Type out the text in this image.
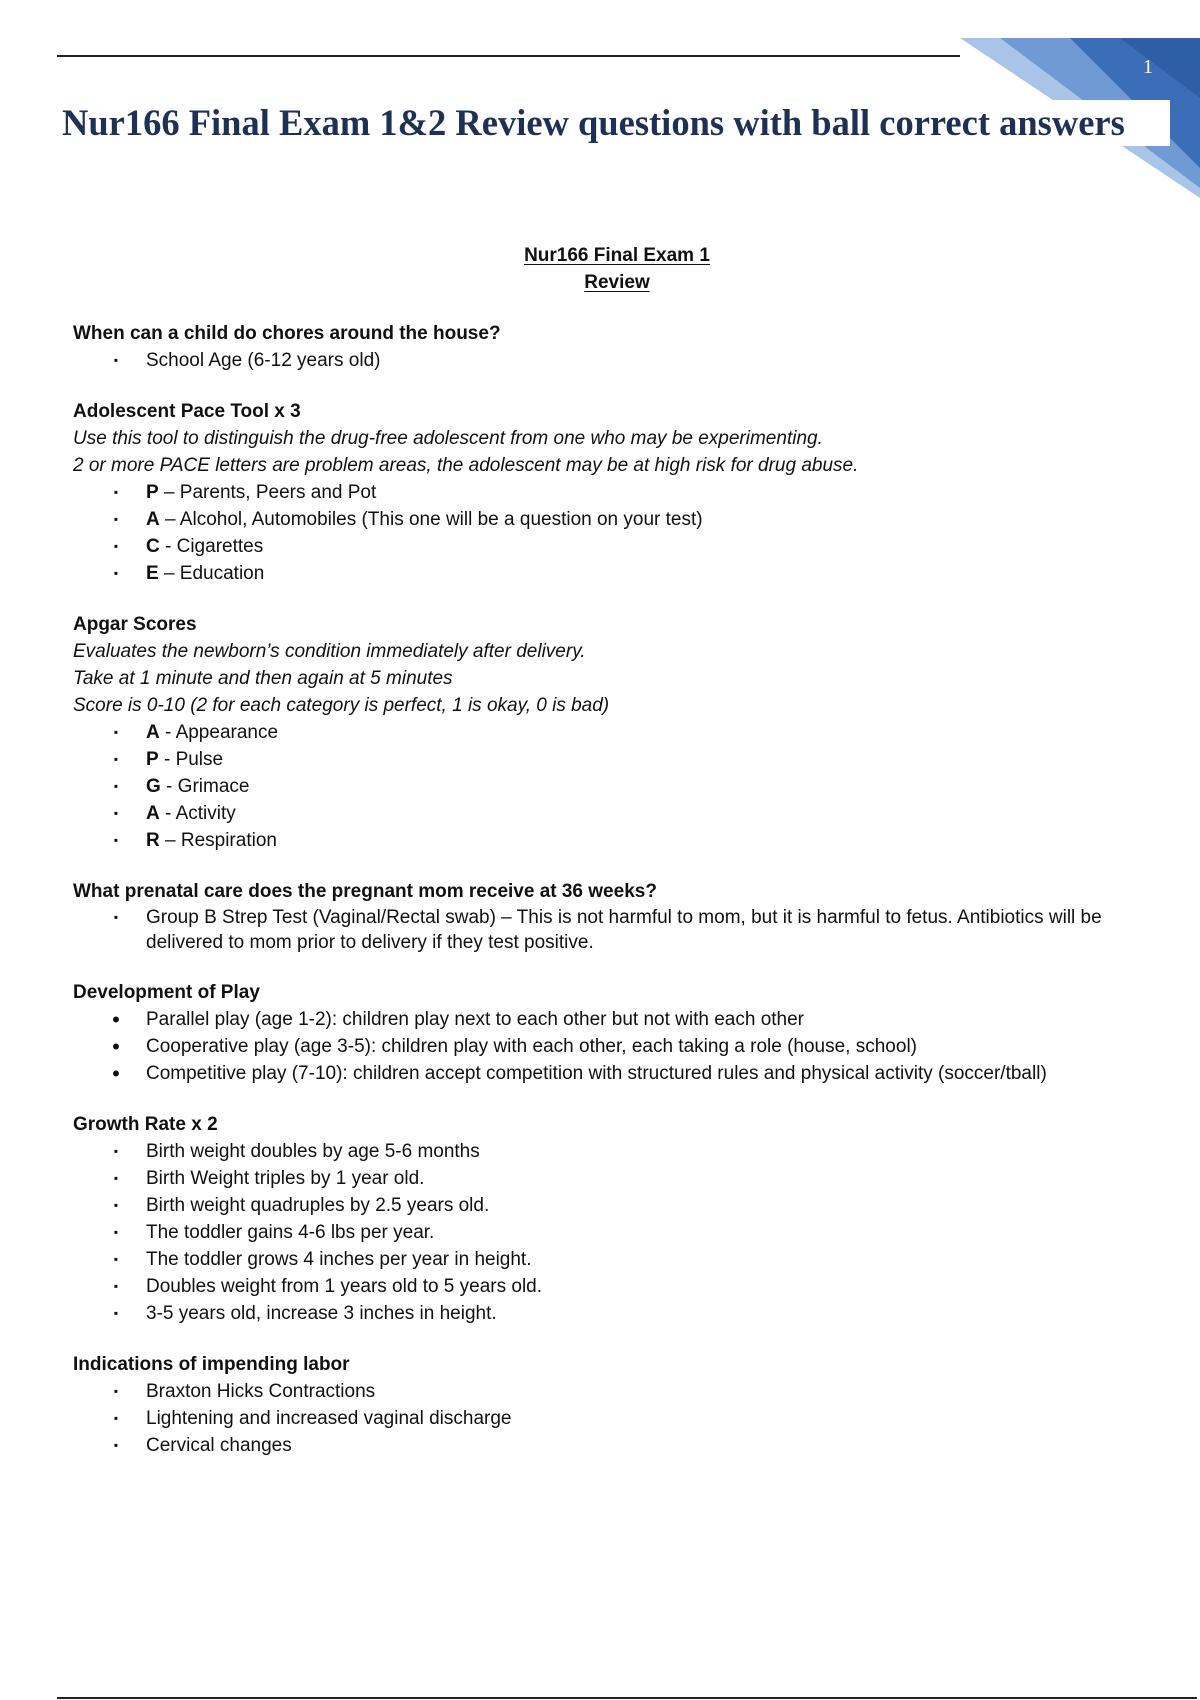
1
Nur166 Final Exam 1&2 Review questions with ball correct answers
Nur166 Final Exam 1
Review
When can a child do chores around the house?
▪ School Age (6-12 years old)
Adolescent Pace Tool x 3
Use this tool to distinguish the drug-free adolescent from one who may be experimenting.
2 or more PACE letters are problem areas, the adolescent may be at high risk for drug abuse.
▪ P – Parents, Peers and Pot
▪ A – Alcohol, Automobiles (This one will be a question on your test)
▪ C - Cigarettes
▪ E – Education
Apgar Scores
Evaluates the newborn’s condition immediately after delivery.
Take at 1 minute and then again at 5 minutes
Score is 0-10 (2 for each category is perfect, 1 is okay, 0 is bad)
▪ A - Appearance
▪ P - Pulse
▪ G - Grimace
▪ A - Activity
▪ R – Respiration
What prenatal care does the pregnant mom receive at 36 weeks?
▪ Group B Strep Test (Vaginal/Rectal swab) – This is not harmful to mom, but it is harmful to fetus. Antibiotics will be delivered to mom prior to delivery if they test positive.
Development of Play
• Parallel play (age 1-2): children play next to each other but not with each other
• Cooperative play (age 3-5): children play with each other, each taking a role (house, school)
• Competitive play (7-10): children accept competition with structured rules and physical activity (soccer/tball)
Growth Rate x 2
▪ Birth weight doubles by age 5-6 months
▪ Birth Weight triples by 1 year old.
▪ Birth weight quadruples by 2.5 years old.
▪ The toddler gains 4-6 lbs per year.
▪ The toddler grows 4 inches per year in height.
▪ Doubles weight from 1 years old to 5 years old.
▪ 3-5 years old, increase 3 inches in height.
Indications of impending labor
▪ Braxton Hicks Contractions
▪ Lightening and increased vaginal discharge
▪ Cervical changes
